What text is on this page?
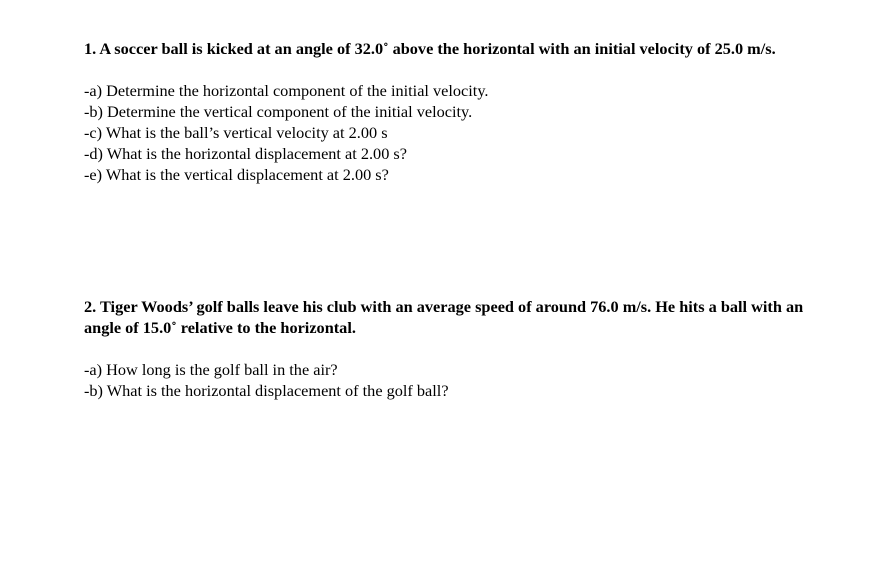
1. A soccer ball is kicked at an angle of 32.0˚ above the horizontal with an initial velocity of 25.0 m/s.

-a) Determine the horizontal component of the initial velocity.
-b) Determine the vertical component of the initial velocity.
-c) What is the ball’s vertical velocity at 2.00 s
-d) What is the horizontal displacement at 2.00 s?
-e) What is the vertical displacement at 2.00 s?

2. Tiger Woods’ golf balls leave his club with an average speed of around 76.0 m/s. He hits a ball with an angle of 15.0˚ relative to the horizontal.

-a) How long is the golf ball in the air?
-b) What is the horizontal displacement of the golf ball?
